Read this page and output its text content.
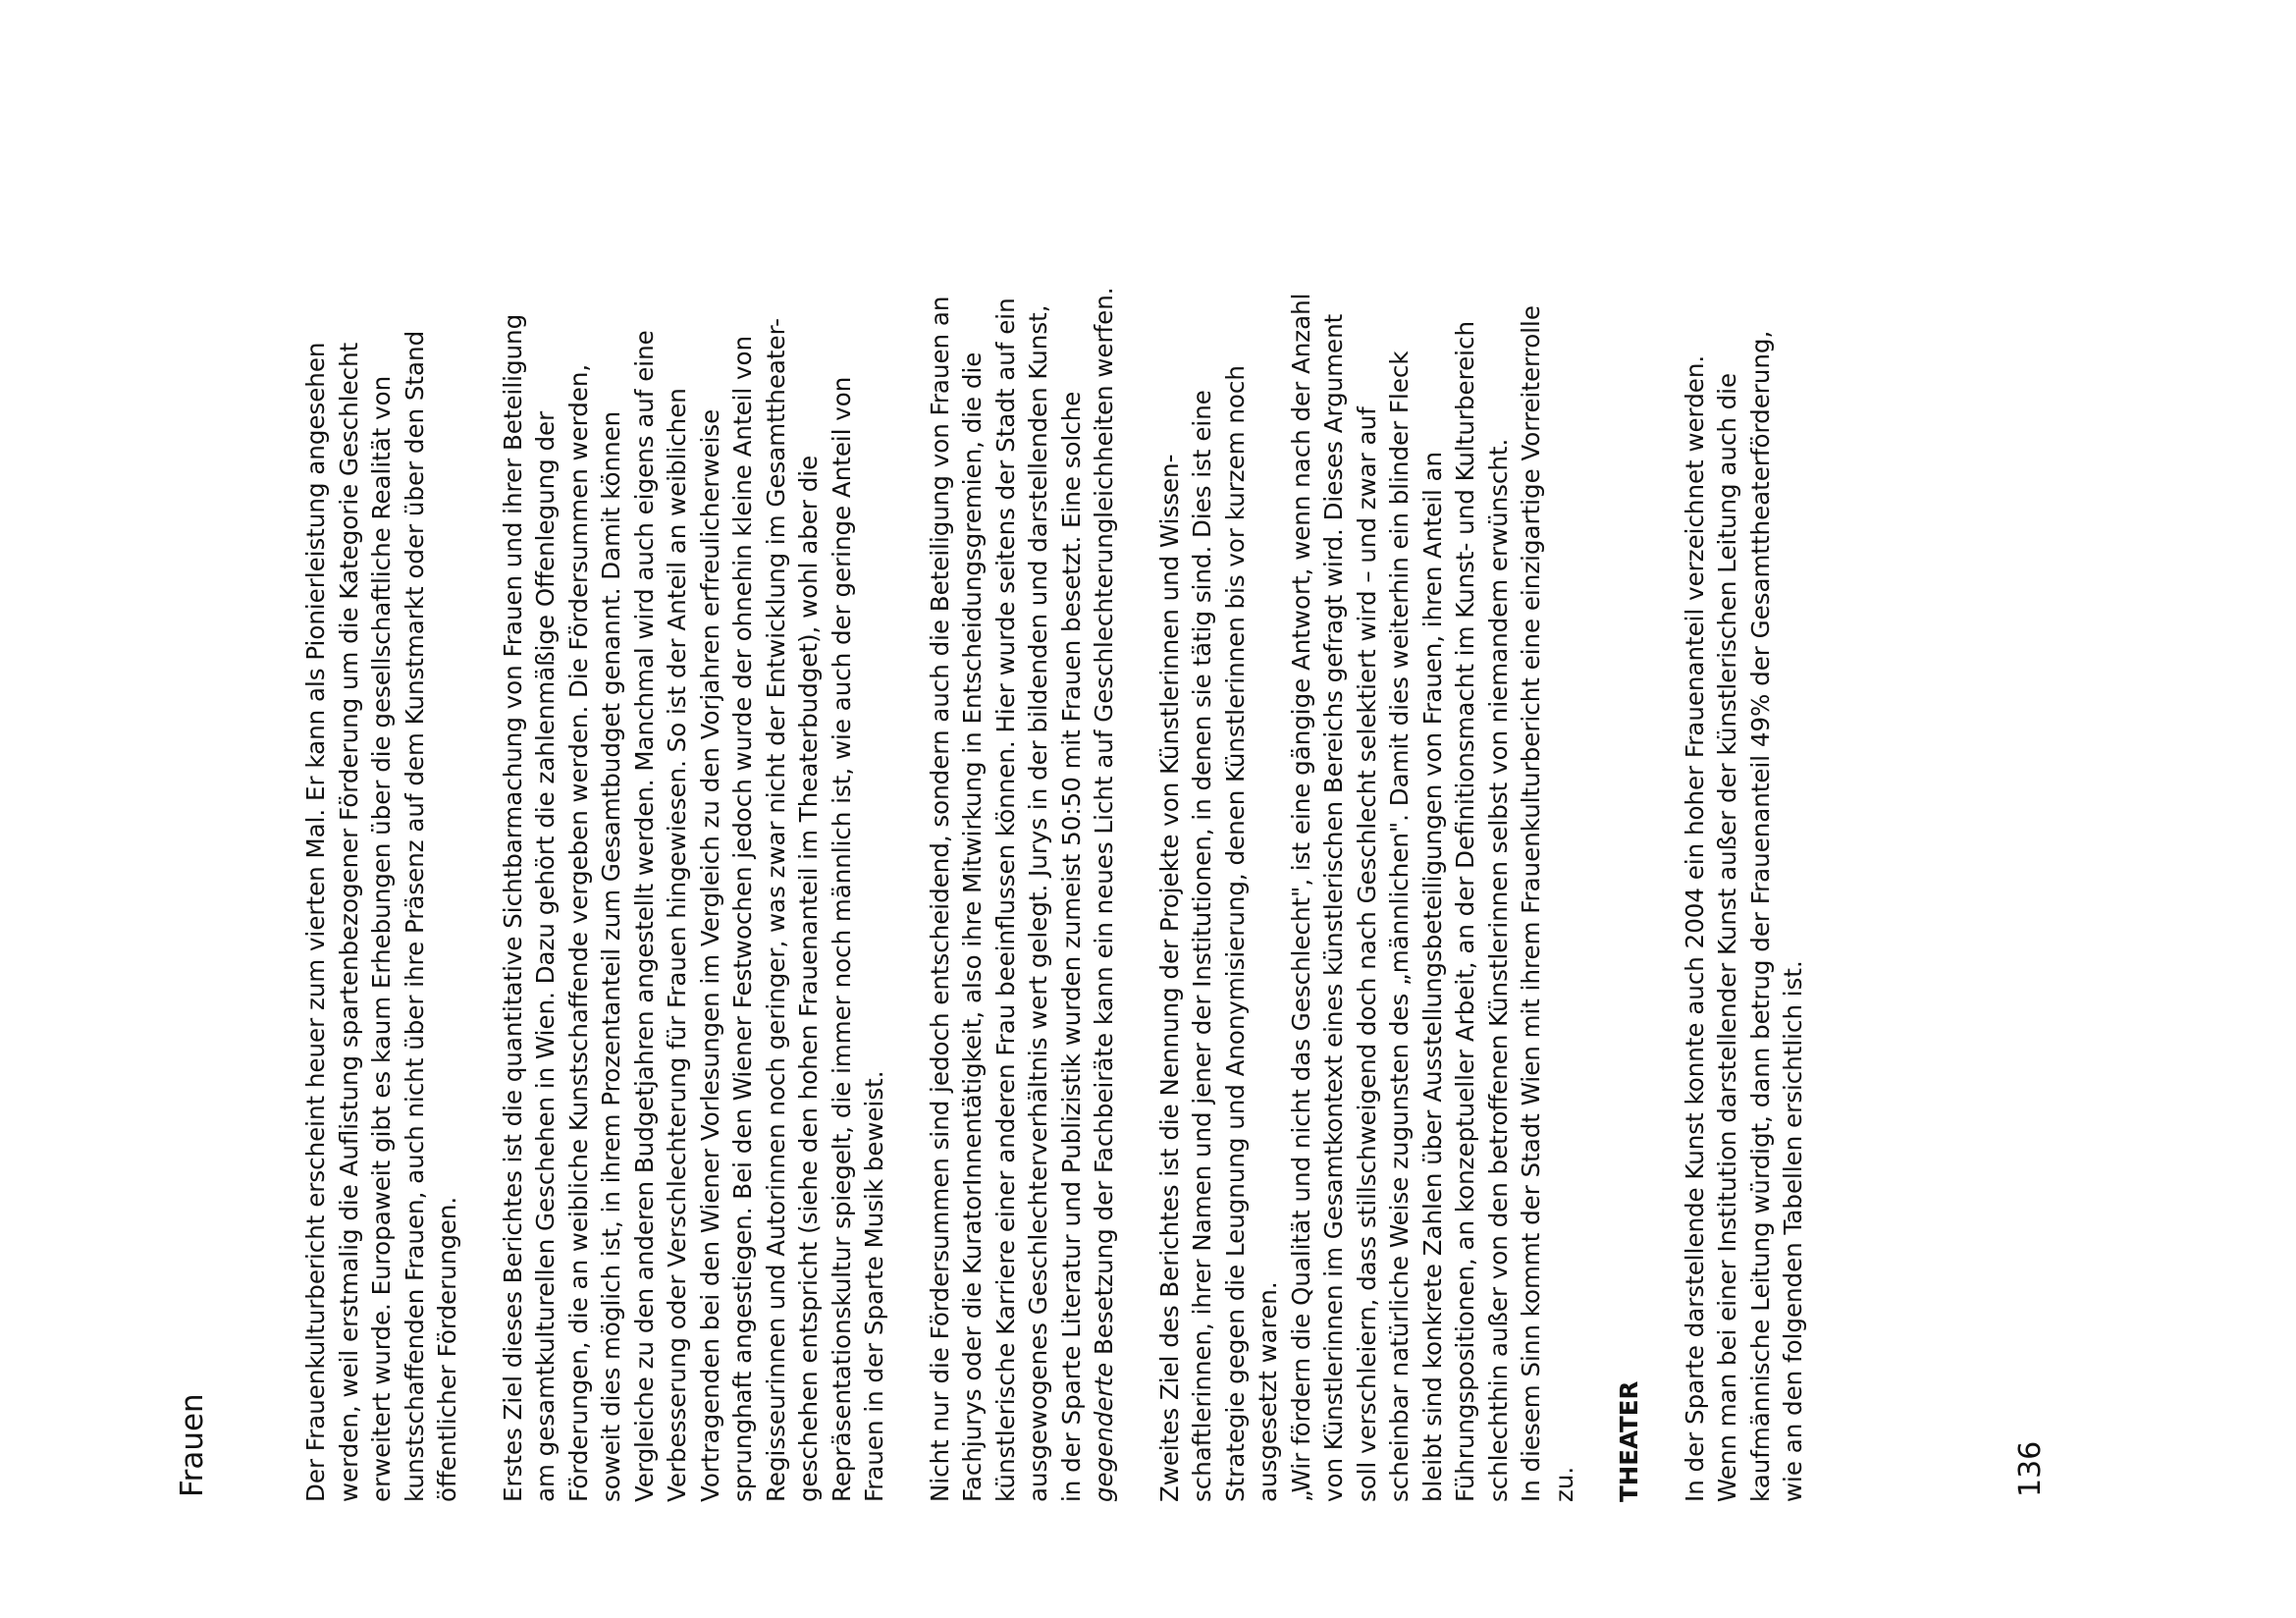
Frauen	Der Frauenkulturbericht erscheint heuer zum vierten Mal. Er kann als Pionierleistung angesehen
werden, weil erstmalig die Auflistung spartenbezogener Förderung um die Kategorie Geschlecht
erweitert wurde. Europaweit gibt es kaum Erhebungen über die gesellschaftliche Realität von
kunstschaffenden Frauen, auch nicht über ihre Präsenz auf dem Kunstmarkt oder über den Stand
öffentlicher Förderungen.

Erstes Ziel dieses Berichtes ist die quantitative Sichtbarmachung von Frauen und ihrer Beteiligung
am gesamtkulturellen Geschehen in Wien. Dazu gehört die zahlenmäßige Offenlegung der
Förderungen, die an weibliche Kunstschaffende vergeben werden. Die Fördersummen werden,
soweit dies möglich ist, in ihrem Prozentanteil zum Gesamtbudget genannt. Damit können
Vergleiche zu den anderen Budgetjahren angestellt werden. Manchmal wird auch eigens auf eine
Verbesserung oder Verschlechterung für Frauen hingewiesen. So ist der Anteil an weiblichen
Vortragenden bei den Wiener Vorlesungen im Vergleich zu den Vorjahren erfreulicherweise
sprunghaft angestiegen. Bei den Wiener Festwochen jedoch wurde der ohnehin kleine Anteil von
Regisseurinnen und Autorinnen noch geringer, was zwar nicht der Entwicklung im Gesamttheater-
geschehen entspricht (siehe den hohen Frauenanteil im Theaterbudget), wohl aber die
Repräsentationskultur spiegelt, die immer noch männlich ist, wie auch der geringe Anteil von
Frauen in der Sparte Musik beweist.

Nicht nur die Fördersummen sind jedoch entscheidend, sondern auch die Beteiligung von Frauen an
Fachjurys oder die KuratorInnentätigkeit, also ihre Mitwirkung in Entscheidungsgremien, die die
künstlerische Karriere einer anderen Frau beeinflussen können. Hier wurde seitens der Stadt auf ein
ausgewogenes Geschlechterverhältnis wert gelegt. Jurys in der bildenden und darstellenden Kunst,
in der Sparte Literatur und Publizistik wurden zumeist 50:50 mit Frauen besetzt. Eine solche
gegenderte Besetzung der Fachbeiräte kann ein neues Licht auf Geschlechterungleichheiten werfen.

Zweites Ziel des Berichtes ist die Nennung der Projekte von Künstlerinnen und Wissen-
schaftlerinnen, ihrer Namen und jener der Institutionen, in denen sie tätig sind. Dies ist eine
Strategie gegen die Leugnung und Anonymisierung, denen Künstlerinnen bis vor kurzem noch
ausgesetzt waren.
„Wir fördern die Qualität und nicht das Geschlecht", ist eine gängige Antwort, wenn nach der Anzahl
von Künstlerinnen im Gesamtkontext eines künstlerischen Bereichs gefragt wird. Dieses Argument
soll verschleiern, dass stillschweigend doch nach Geschlecht selektiert wird – und zwar auf
scheinbar natürliche Weise zugunsten des „männlichen". Damit dies weiterhin ein blinder Fleck
bleibt sind konkrete Zahlen über Ausstellungsbeteiligungen von Frauen, ihren Anteil an
Führungspositionen, an konzeptueller Arbeit, an der Definitionsmacht im Kunst- und Kulturbereich
schlechthin außer von den betroffenen Künstlerinnen selbst von niemandem erwünscht.
In diesem Sinn kommt der Stadt Wien mit ihrem Frauenkulturbericht eine einzigartige Vorreiterrolle
zu. THEATER In der Sparte darstellende Kunst konnte auch 2004 ein hoher Frauenanteil verzeichnet werden.
Wenn man bei einer Institution darstellender Kunst außer der künstlerischen Leitung auch die
kaufmännische Leitung würdigt, dann betrug der Frauenanteil 49% der Gesamttheaterförderung,
wie an den folgenden Tabellen ersichtlich ist.

136
